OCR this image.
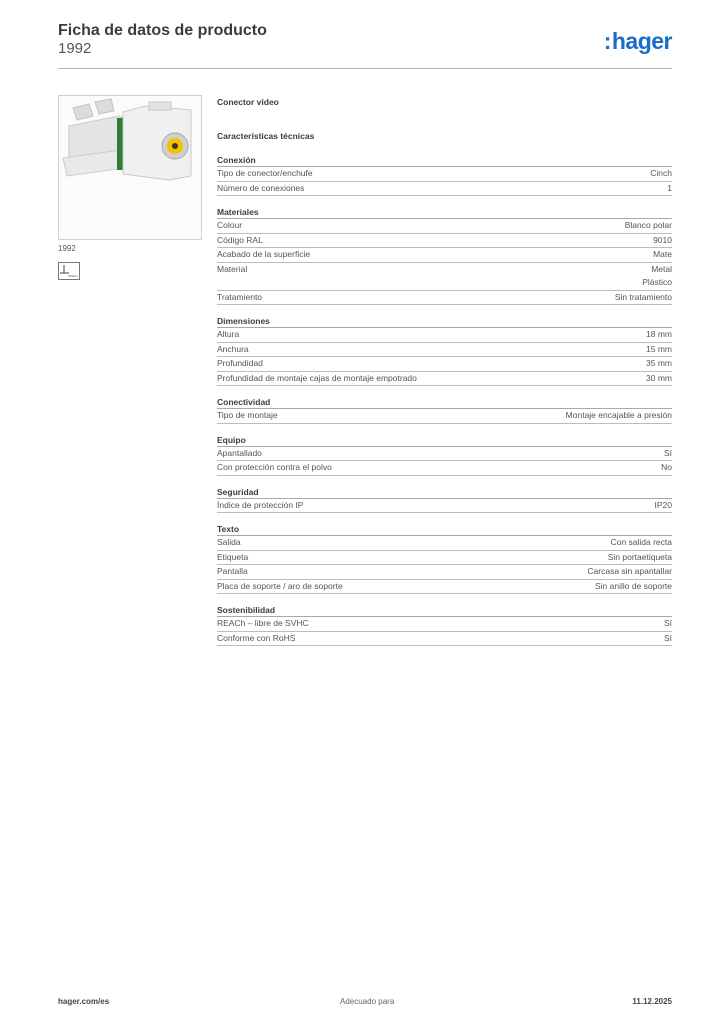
Ficha de datos de producto
1992	:hager
1992
CINCH
Conector vídeo
Características técnicas
Conexión
Tipo de conector/enchufe	Cinch
Número de conexiones	1
Materiales
Colour	Blanco polar
Código RAL	9010
Acabado de la superficie	Mate
Material	Metal
Plástico
Tratamiento	Sin tratamiento
Dimensiones
Altura	18 mm
Anchura	15 mm
Profundidad	35 mm
Profundidad de montaje cajas de montaje empotrado	30 mm
Conectividad
Tipo de montaje	Montaje encajable a presión
Equipo
Apantallado	Sí
Con protección contra el polvo	No
Seguridad
Índice de protección IP	IP20
Texto
Salida	Con salida recta
Etiqueta	Sin portaetiqueta
Pantalla	Carcasa sin apantallar
Placa de soporte / aro de soporte	Sin anillo de soporte
Sostenibilidad
REACh – libre de SVHC	Sí
Conforme con RoHS	Sí
hager.com/es	Adecuado para	11.12.2025
